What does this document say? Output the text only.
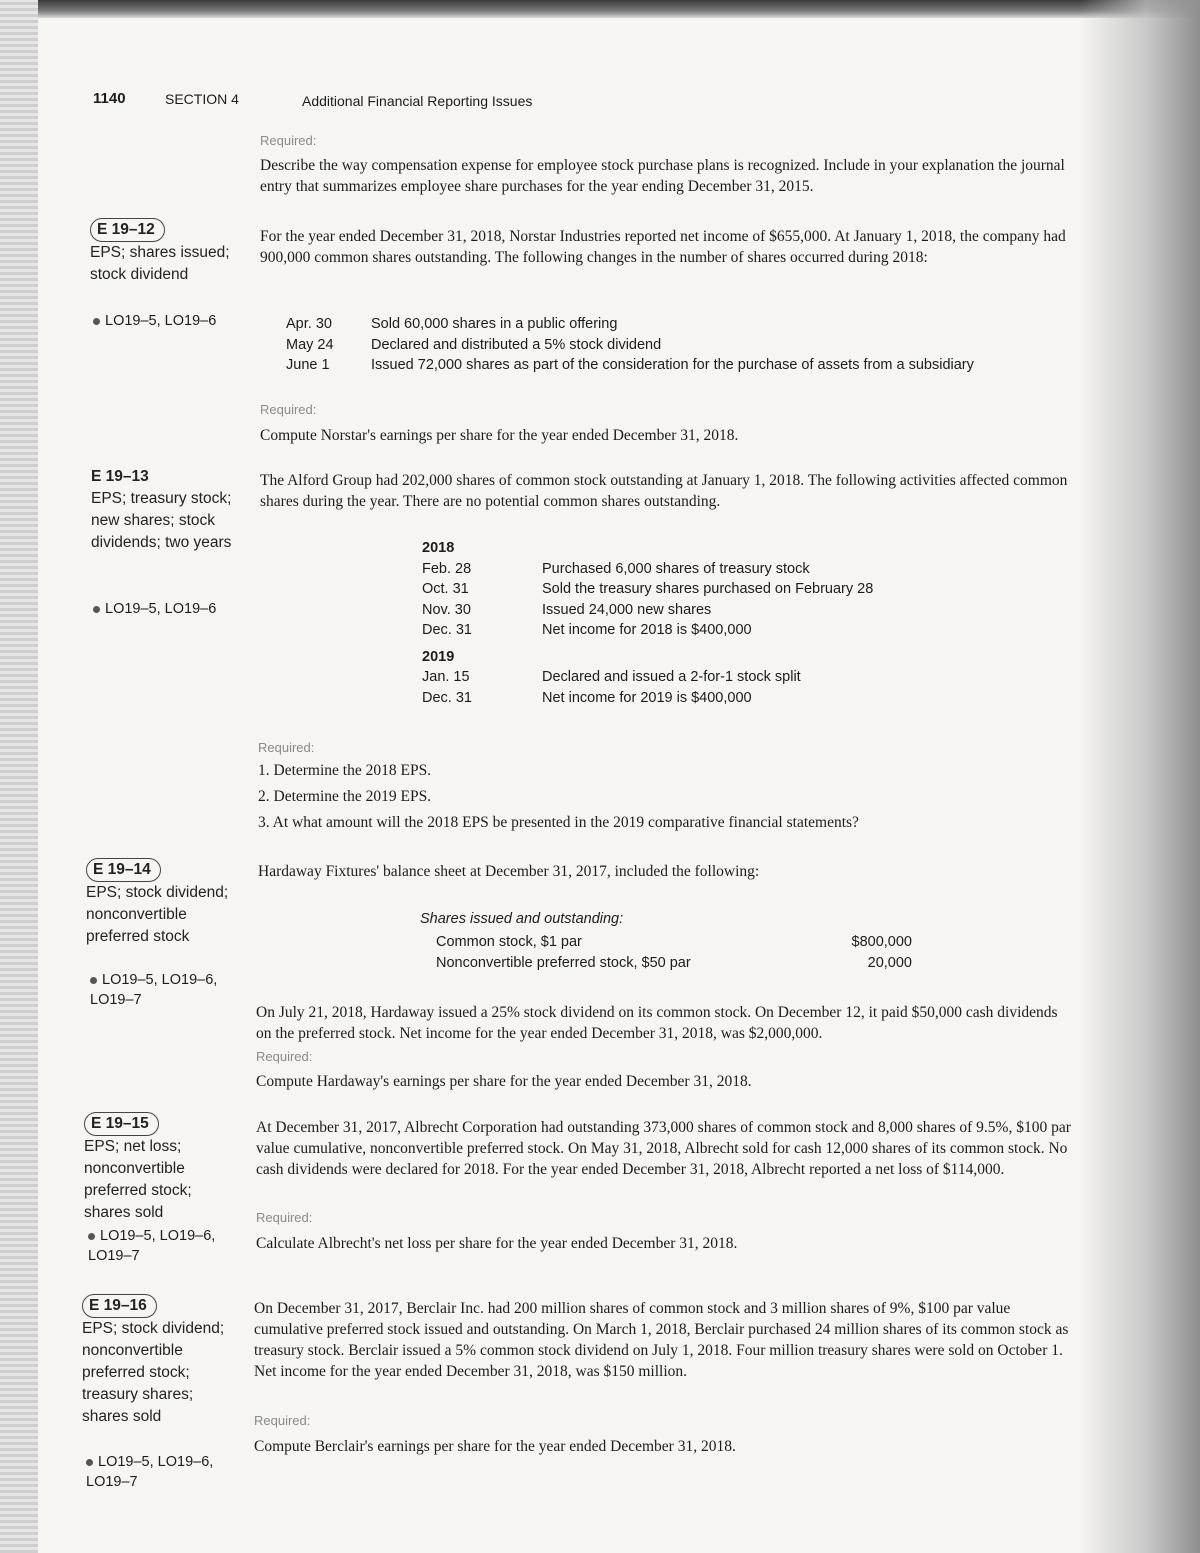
1140	SECTION 4	Additional Financial Reporting Issues
Required:
Describe the way compensation expense for employee stock purchase plans is recognized. Include in your explanation the journal entry that summarizes employee share purchases for the year ending December 31, 2015.
E 19–12
EPS; shares issued; stock dividend
LO19–5, LO19–6
For the year ended December 31, 2018, Norstar Industries reported net income of $655,000. At January 1, 2018, the company had 900,000 common shares outstanding. The following changes in the number of shares occurred during 2018:
Apr. 30	Sold 60,000 shares in a public offering
May 24	Declared and distributed a 5% stock dividend
June 1	Issued 72,000 shares as part of the consideration for the purchase of assets from a subsidiary
Required:
Compute Norstar's earnings per share for the year ended December 31, 2018.
E 19–13
EPS; treasury stock; new shares; stock dividends; two years
LO19–5, LO19–6
The Alford Group had 202,000 shares of common stock outstanding at January 1, 2018. The following activities affected common shares during the year. There are no potential common shares outstanding.
2018	
Feb. 28	Purchased 6,000 shares of treasury stock
Oct. 31	Sold the treasury shares purchased on February 28
Nov. 30	Issued 24,000 new shares
Dec. 31	Net income for 2018 is $400,000
2019	
Jan. 15	Declared and issued a 2-for-1 stock split
Dec. 31	Net income for 2019 is $400,000
Required:
1. Determine the 2018 EPS.
2. Determine the 2019 EPS.
3. At what amount will the 2018 EPS be presented in the 2019 comparative financial statements?
E 19–14
EPS; stock dividend; nonconvertible preferred stock
LO19–5, LO19–6, LO19–7
Hardaway Fixtures' balance sheet at December 31, 2017, included the following:
Shares issued and outstanding:
Common stock, $1 par	$800,000
Nonconvertible preferred stock, $50 par	20,000
On July 21, 2018, Hardaway issued a 25% stock dividend on its common stock. On December 12, it paid $50,000 cash dividends on the preferred stock. Net income for the year ended December 31, 2018, was $2,000,000.
Required:
Compute Hardaway's earnings per share for the year ended December 31, 2018.
E 19–15
EPS; net loss; nonconvertible preferred stock; shares sold
LO19–5, LO19–6, LO19–7
At December 31, 2017, Albrecht Corporation had outstanding 373,000 shares of common stock and 8,000 shares of 9.5%, $100 par value cumulative, nonconvertible preferred stock. On May 31, 2018, Albrecht sold for cash 12,000 shares of its common stock. No cash dividends were declared for 2018. For the year ended December 31, 2018, Albrecht reported a net loss of $114,000.
Required:
Calculate Albrecht's net loss per share for the year ended December 31, 2018.
E 19–16
EPS; stock dividend; nonconvertible preferred stock; treasury shares; shares sold
LO19–5, LO19–6, LO19–7
On December 31, 2017, Berclair Inc. had 200 million shares of common stock and 3 million shares of 9%, $100 par value cumulative preferred stock issued and outstanding. On March 1, 2018, Berclair purchased 24 million shares of its common stock as treasury stock. Berclair issued a 5% common stock dividend on July 1, 2018. Four million treasury shares were sold on October 1. Net income for the year ended December 31, 2018, was $150 million.
Required:
Compute Berclair's earnings per share for the year ended December 31, 2018.
